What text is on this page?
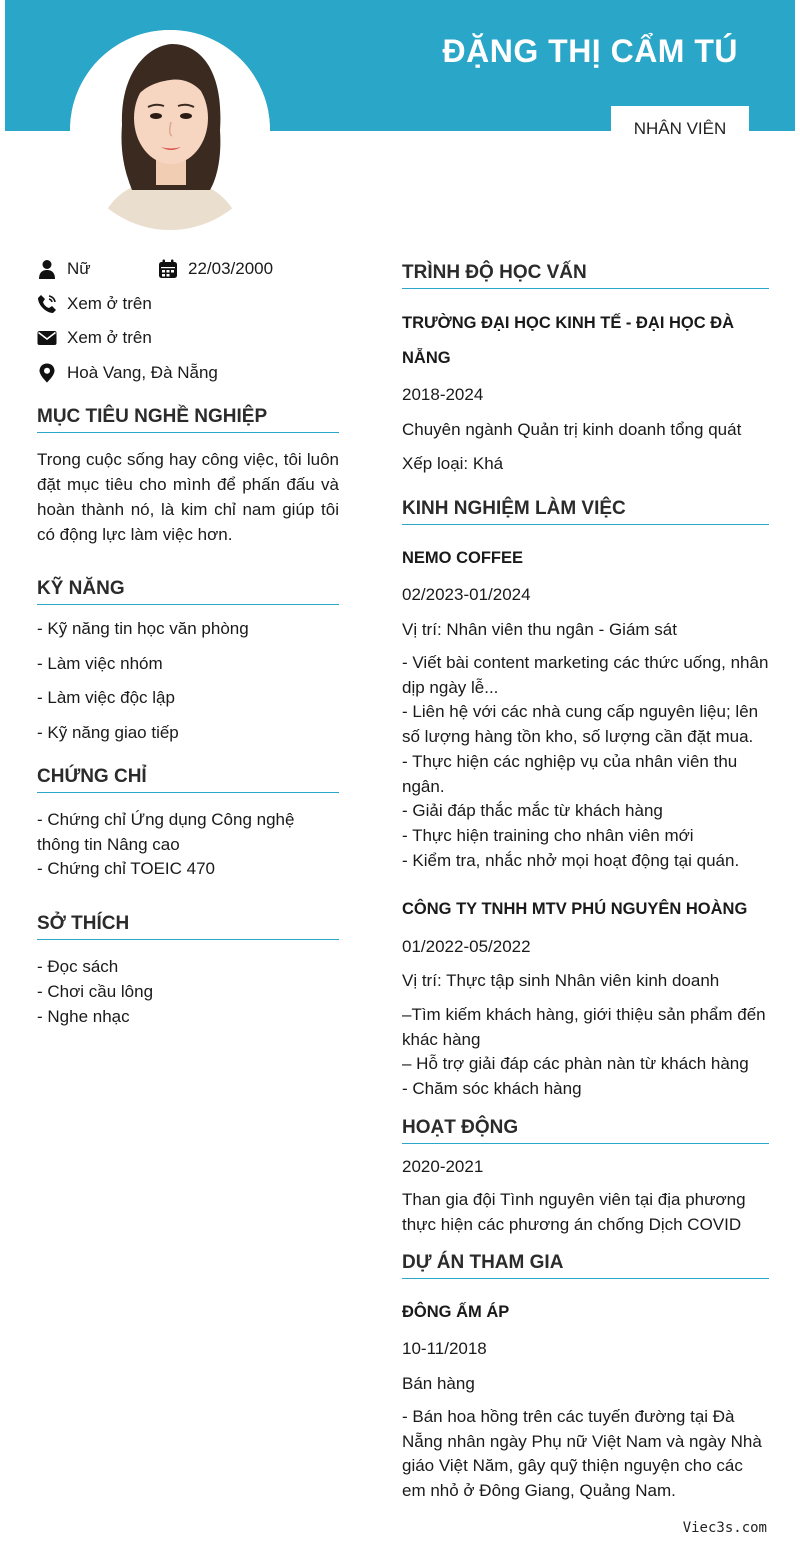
ĐẶNG THỊ CẨM TÚ
NHÂN VIÊN
Nữ	22/03/2000
Xem ở trên
Xem ở trên
Hoà Vang, Đà Nẵng
MỤC TIÊU NGHỀ NGHIỆP
Trong cuộc sống hay công việc, tôi luôn đặt mục tiêu cho mình để phấn đấu và hoàn thành nó, là kim chỉ nam giúp tôi có động lực làm việc hơn.
KỸ NĂNG
- Kỹ năng tin học văn phòng
- Làm việc nhóm
- Làm việc độc lập
- Kỹ năng giao tiếp
CHỨNG CHỈ
- Chứng chỉ Ứng dụng Công nghệ thông tin Nâng cao
- Chứng chỉ TOEIC 470
SỞ THÍCH
- Đọc sách
- Chơi cầu lông
- Nghe nhạc
TRÌNH ĐỘ HỌC VẤN
TRƯỜNG ĐẠI HỌC KINH TẾ - ĐẠI HỌC ĐÀ NẴNG
2018-2024
Chuyên ngành Quản trị kinh doanh tổng quát
Xếp loại: Khá
KINH NGHIỆM LÀM VIỆC
NEMO COFFEE
02/2023-01/2024
Vị trí: Nhân viên thu ngân - Giám sát
- Viết bài content marketing các thức uống, nhân dịp ngày lễ...
- Liên hệ với các nhà cung cấp nguyên liệu; lên số lượng hàng tồn kho, số lượng cần đặt mua.
- Thực hiện các nghiệp vụ của nhân viên thu ngân.
- Giải đáp thắc mắc từ khách hàng
- Thực hiện training cho nhân viên mới
- Kiểm tra, nhắc nhở mọi hoạt động tại quán.
CÔNG TY TNHH MTV PHÚ NGUYÊN HOÀNG
01/2022-05/2022
Vị trí: Thực tập sinh Nhân viên kinh doanh
–Tìm kiếm khách hàng, giới thiệu sản phẩm đến khác hàng
– Hỗ trợ giải đáp các phàn nàn từ khách hàng
- Chăm sóc khách hàng
HOẠT ĐỘNG
2020-2021
Than gia đội Tình nguyên viên tại địa phương thực hiện các phương án chống Dịch COVID
DỰ ÁN THAM GIA
ĐÔNG ẤM ÁP
10-11/2018
Bán hàng
- Bán hoa hồng trên các tuyến đường tại Đà Nẵng nhân ngày Phụ nữ Việt Nam và ngày Nhà giáo Việt Năm, gây quỹ thiện nguyện cho các em nhỏ ở Đông Giang, Quảng Nam.
Viec3s.com
